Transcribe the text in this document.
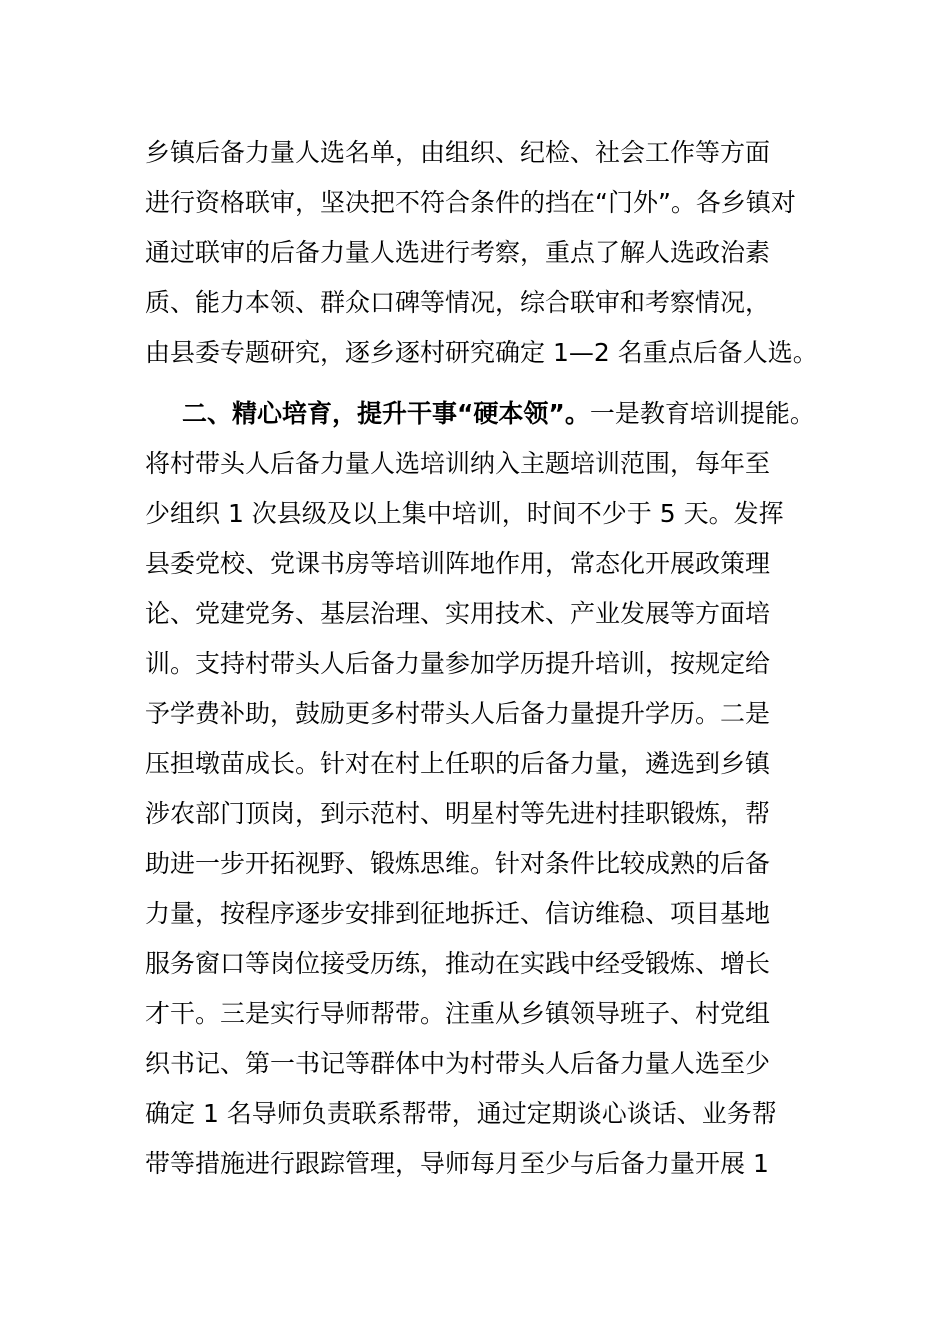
乡镇后备力量人选名单，由组织、纪检、社会工作等方面
进行资格联审，坚决把不符合条件的挡在“门外”。各乡镇对
通过联审的后备力量人选进行考察，重点了解人选政治素
质、能力本领、群众口碑等情况，综合联审和考察情况，
由县委专题研究，逐乡逐村研究确定 1—2 名重点后备人选。
二、精心培育，提升干事“硬本领”。一是教育培训提能。
将村带头人后备力量人选培训纳入主题培训范围，每年至
少组织 1 次县级及以上集中培训，时间不少于 5 天。发挥
县委党校、党课书房等培训阵地作用，常态化开展政策理
论、党建党务、基层治理、实用技术、产业发展等方面培
训。支持村带头人后备力量参加学历提升培训，按规定给
予学费补助，鼓励更多村带头人后备力量提升学历。二是
压担墩苗成长。针对在村上任职的后备力量，遴选到乡镇
涉农部门顶岗，到示范村、明星村等先进村挂职锻炼，帮
助进一步开拓视野、锻炼思维。针对条件比较成熟的后备
力量，按程序逐步安排到征地拆迁、信访维稳、项目基地
服务窗口等岗位接受历练，推动在实践中经受锻炼、增长
才干。三是实行导师帮带。注重从乡镇领导班子、村党组
织书记、第一书记等群体中为村带头人后备力量人选至少
确定 1 名导师负责联系帮带，通过定期谈心谈话、业务帮
带等措施进行跟踪管理，导师每月至少与后备力量开展 1
